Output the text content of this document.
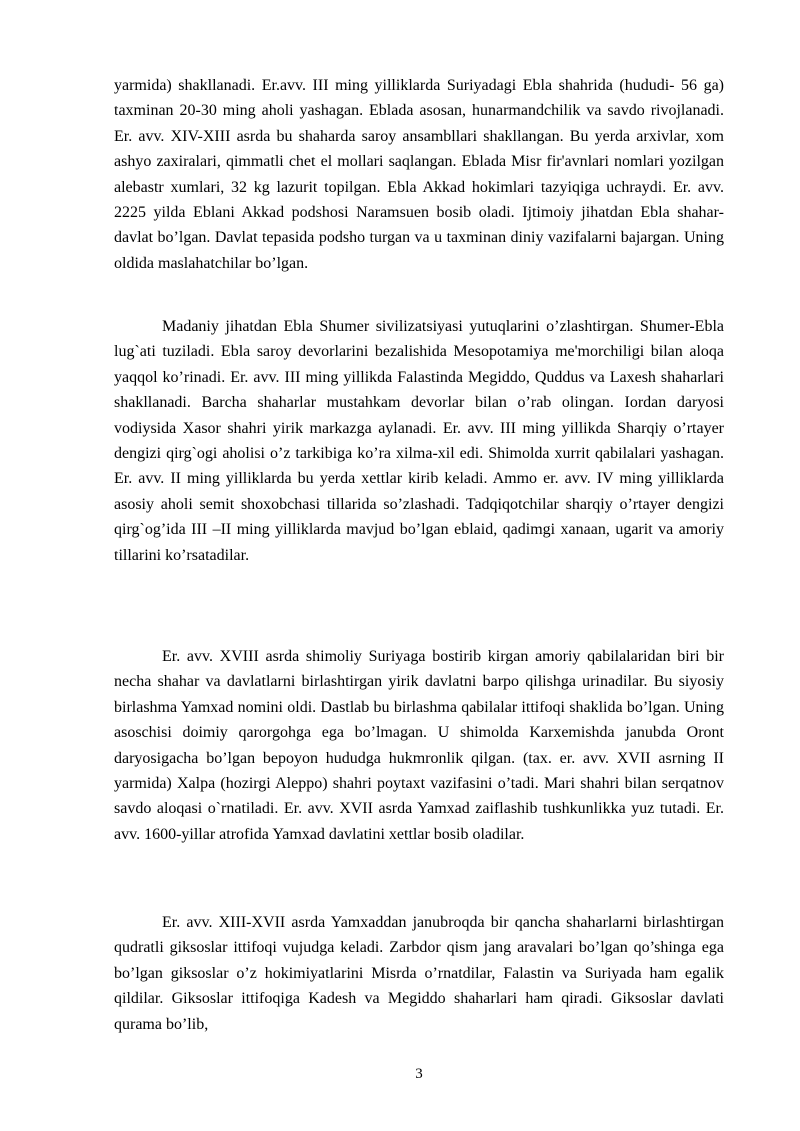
yarmida) shakllanadi. Er.avv. III ming yilliklarda Suriyadagi Ebla shahrida (hududi- 56 ga) taxminan 20-30 ming aholi yashagan. Eblada asosan, hunarmandchilik va savdo rivojlanadi. Er. avv. XIV-XIII asrda bu shaharda saroy ansambllari shakllangan. Bu yerda arxivlar, xom ashyo zaxiralari, qimmatli chet el mollari saqlangan. Eblada Misr fir'avnlari nomlari yozilgan alebastr xumlari, 32 kg lazurit topilgan. Ebla Akkad hokimlari tazyiqiga uchraydi. Er. avv. 2225 yilda Eblani Akkad podshosi Naramsuen bosib oladi. Ijtimoiy jihatdan Ebla shahar-davlat bo’lgan. Davlat tepasida podsho turgan va u taxminan diniy vazifalarni bajargan. Uning oldida maslahatchilar bo’lgan.

Madaniy jihatdan Ebla Shumer sivilizatsiyasi yutuqlarini o’zlashtirgan. Shumer-Ebla lug`ati tuziladi. Ebla saroy devorlarini bezalishida Mesopotamiya me'morchiligi bilan aloqa yaqqol ko’rinadi. Er. avv. III ming yillikda Falastinda Megiddo, Quddus va Laxesh shaharlari shakllanadi. Barcha shaharlar mustahkam devorlar bilan o’rab olingan. Iordan daryosi vodiysida Xasor shahri yirik markazga aylanadi. Er. avv. III ming yillikda Sharqiy o’rtayer dengizi qirg`ogi aholisi o’z tarkibiga ko’ra xilma-xil edi. Shimolda xurrit qabilalari yashagan. Er. avv. II ming yilliklarda bu yerda xettlar kirib keladi. Ammo er. avv. IV ming yilliklarda asosiy aholi semit shoxobchasi tillarida so’zlashadi. Tadqiqotchilar sharqiy o’rtayer dengizi qirg`og’ida III –II ming yilliklarda mavjud bo’lgan eblaid, qadimgi xanaan, ugarit va amoriy tillarini ko’rsatadilar.

Er. avv. XVIII asrda shimoliy Suriyaga bostirib kirgan amoriy qabilalaridan biri bir necha shahar va davlatlarni birlashtirgan yirik davlatni barpo qilishga urinadilar. Bu siyosiy birlashma Yamxad nomini oldi. Dastlab bu birlashma qabilalar ittifoqi shaklida bo’lgan. Uning asoschisi doimiy qarorgohga ega bo’lmagan. U shimolda Karxemishda janubda Oront daryosigacha bo’lgan bepoyon hududga hukmronlik qilgan. (tax. er. avv. XVII asrning II yarmida) Xalpa (hozirgi Aleppo) shahri poytaxt vazifasini o’tadi. Mari shahri bilan serqatnov savdo aloqasi o`rnatiladi. Er. avv. XVII asrda Yamxad zaiflashib tushkunlikka yuz tutadi. Er. avv. 1600-yillar atrofida Yamxad davlatini xettlar bosib oladilar.

Er. avv. XIII-XVII asrda Yamxaddan janubroqda bir qancha shaharlarni birlashtirgan qudratli giksoslar ittifoqi vujudga keladi. Zarbdor qism jang aravalari bo’lgan qo’shinga ega bo’lgan giksoslar o’z hokimiyatlarini Misrda o’rnatdilar, Falastin va Suriyada ham egalik qildilar. Giksoslar ittifoqiga Kadesh va Megiddo shaharlari ham qiradi. Giksoslar davlati qurama bo’lib,

3
